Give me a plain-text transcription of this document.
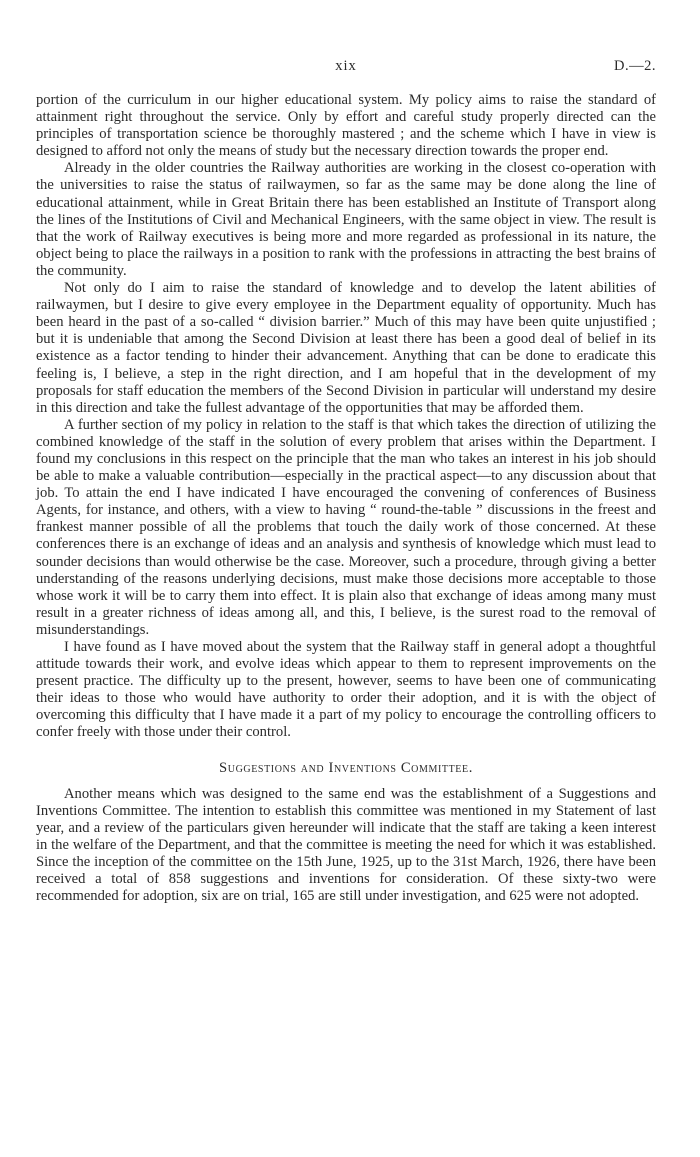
xix	D.—2.

portion of the curriculum in our higher educational system. My policy aims to raise the standard of attainment right throughout the service. Only by effort and careful study properly directed can the principles of transportation science be thoroughly mastered ; and the scheme which I have in view is designed to afford not only the means of study but the necessary direction towards the proper end.

Already in the older countries the Railway authorities are working in the closest co-operation with the universities to raise the status of railwaymen, so far as the same may be done along the line of educational attainment, while in Great Britain there has been established an Institute of Transport along the lines of the Institutions of Civil and Mechanical Engineers, with the same object in view. The result is that the work of Railway executives is being more and more regarded as professional in its nature, the object being to place the railways in a position to rank with the professions in attracting the best brains of the community.

Not only do I aim to raise the standard of knowledge and to develop the latent abilities of railwaymen, but I desire to give every employee in the Department equality of opportunity. Much has been heard in the past of a so-called “ division barrier.” Much of this may have been quite unjustified ; but it is undeniable that among the Second Division at least there has been a good deal of belief in its existence as a factor tending to hinder their advancement. Anything that can be done to eradicate this feeling is, I believe, a step in the right direction, and I am hopeful that in the development of my proposals for staff education the members of the Second Division in particular will understand my desire in this direction and take the fullest advantage of the opportunities that may be afforded them.

A further section of my policy in relation to the staff is that which takes the direction of utilizing the combined knowledge of the staff in the solution of every problem that arises within the Department. I found my conclusions in this respect on the principle that the man who takes an interest in his job should be able to make a valuable contribution—especially in the practical aspect—to any discussion about that job. To attain the end I have indicated I have encouraged the convening of conferences of Business Agents, for instance, and others, with a view to having “ round-the-table ” discussions in the freest and frankest manner possible of all the problems that touch the daily work of those concerned. At these conferences there is an exchange of ideas and an analysis and synthesis of knowledge which must lead to sounder decisions than would otherwise be the case. Moreover, such a procedure, through giving a better understanding of the reasons underlying decisions, must make those decisions more acceptable to those whose work it will be to carry them into effect. It is plain also that exchange of ideas among many must result in a greater richness of ideas among all, and this, I believe, is the surest road to the removal of misunderstandings.

I have found as I have moved about the system that the Railway staff in general adopt a thoughtful attitude towards their work, and evolve ideas which appear to them to represent improvements on the present practice. The difficulty up to the present, however, seems to have been one of communicating their ideas to those who would have authority to order their adoption, and it is with the object of overcoming this difficulty that I have made it a part of my policy to encourage the controlling officers to confer freely with those under their control.

Suggestions and Inventions Committee.

Another means which was designed to the same end was the establishment of a Suggestions and Inventions Committee. The intention to establish this committee was mentioned in my Statement of last year, and a review of the particulars given hereunder will indicate that the staff are taking a keen interest in the welfare of the Department, and that the committee is meeting the need for which it was established. Since the inception of the committee on the 15th June, 1925, up to the 31st March, 1926, there have been received a total of 858 suggestions and inventions for consideration. Of these sixty-two were recommended for adoption, six are on trial, 165 are still under investigation, and 625 were not adopted.
